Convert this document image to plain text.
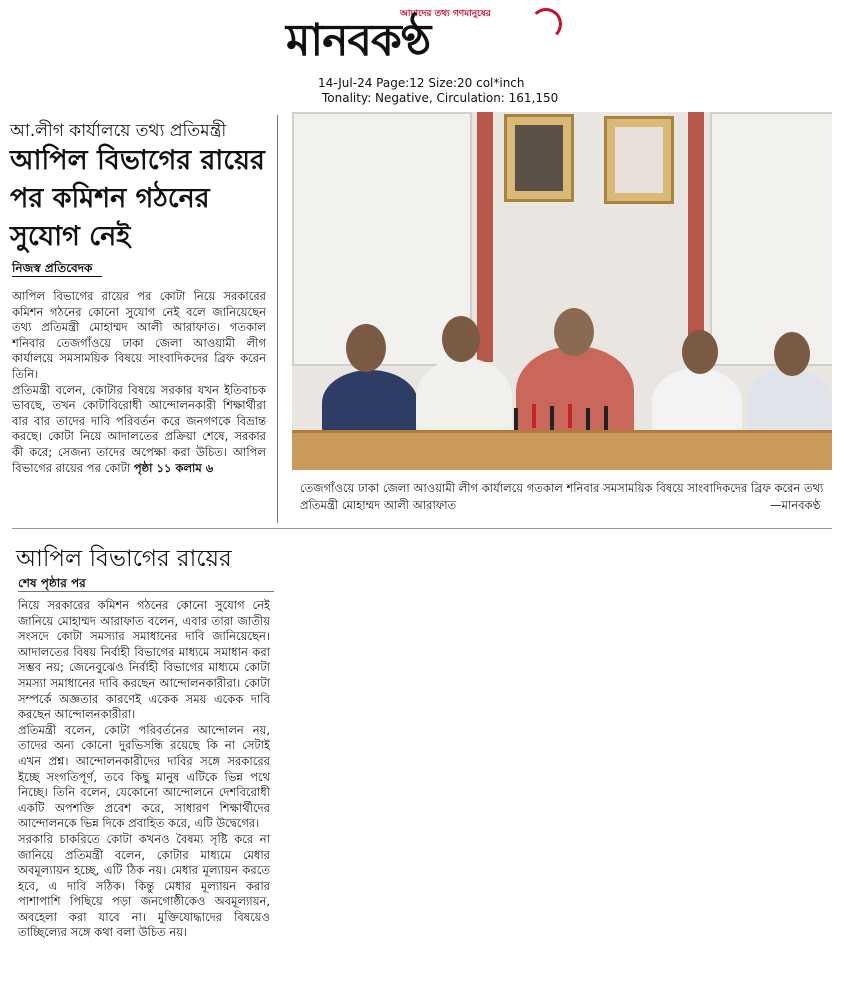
আমাদের তথ্য গণমানুষের
মানবকণ্ঠ
14-Jul-24 Page:12 Size:20 col*inch
Tonality: Negative, Circulation: 161,150
আ.লীগ কার্যালয়ে তথ্য প্রতিমন্ত্রী
আপিল বিভাগের রায়ের পর কমিশন গঠনের সুযোগ নেই
নিজস্ব প্রতিবেদক

আপিল বিভাগের রায়ের পর কোটা নিয়ে সরকারের কমিশন গঠনের কোনো সুযোগ নেই বলে জানিয়েছেন তথ্য প্রতিমন্ত্রী মোহাম্মদ আলী আরাফাত। গতকাল শনিবার তেজগাঁওয়ে ঢাকা জেলা আওয়ামী লীগ কার্যালয়ে সমসাময়িক বিষয়ে সাংবাদিকদের ব্রিফ করেন তিনি।

প্রতিমন্ত্রী বলেন, কোটার বিষয়ে সরকার যখন ইতিবাচক ভাবছে, তখন কোটাবিরোধী আন্দোলনকারী শিক্ষার্থীরা বার বার তাদের দাবি পরিবর্তন করে জনগণকে বিভ্রান্ত করছে। কোটা নিয়ে আদালতের প্রক্রিয়া শেষে, সরকার কী করে; সেজন্য তাদের অপেক্ষা করা উচিত। আপিল বিভাগের রায়ের পর কোটা পৃষ্ঠা ১১ কলাম ৬

তেজগাঁওয়ে ঢাকা জেলা আওয়ামী লীগ কার্যালয়ে গতকাল শনিবার সমসাময়িক বিষয়ে সাংবাদিকদের ব্রিফ করেন তথ্য প্রতিমন্ত্রী মোহাম্মদ আলী আরাফাত	—মানবকণ্ঠ
আপিল বিভাগের রায়ের
শেষ পৃষ্ঠার পর

নিয়ে সরকারের কমিশন গঠনের কোনো সুযোগ নেই জানিয়ে মোহাম্মদ আরাফাত বলেন, এবার তারা জাতীয় সংসদে কোটা সমস্যার সমাধানের দাবি জানিয়েছেন। আদালতের বিষয় নির্বাহী বিভাগের মাধ্যমে সমাধান করা সম্ভব নয়; জেনেবুঝেও নির্বাহী বিভাগের মাধ্যমে কোটা সমস্যা সমাধানের দাবি করছেন আন্দোলনকারীরা। কোটা সম্পর্কে অজ্ঞতার কারণেই একেক সময় একেক দাবি করছেন আন্দোলনকারীরা।

প্রতিমন্ত্রী বলেন, কোটা পরিবর্তনের আন্দোলন নয়, তাদের অন্য কোনো দুরভিসন্ধি রয়েছে কি না সেটাই এখন প্রশ্ন। আন্দোলনকারীদের দাবির সঙ্গে সরকারের ইচ্ছে সংগতিপূর্ণ, তবে কিছু মানুষ এটিকে ভিন্ন পথে নিচ্ছে। তিনি বলেন, যেকোনো আন্দোলনে দেশবিরোধী একটি অপশক্তি প্রবেশ করে, সাধারণ শিক্ষার্থীদের আন্দোলনকে ভিন্ন দিকে প্রবাহিত করে, এটি উদ্বেগের।

সরকারি চাকরিতে কোটা কখনও বৈষম্য সৃষ্টি করে না জানিয়ে প্রতিমন্ত্রী বলেন, কোটার মাধ্যমে মেধার অবমূল্যায়ন হচ্ছে, এটি ঠিক নয়। মেধার মূল্যায়ন করতে হবে, এ দাবি সঠিক। কিন্তু মেধার মূল্যায়ন করার পাশাপাশি পিছিয়ে পড়া জনগোষ্ঠীকেও অবমূল্যায়ন, অবহেলা করা যাবে না। মুক্তিযোদ্ধাদের বিষয়েও তাচ্ছিল্যের সঙ্গে কথা বলা উচিত নয়।
